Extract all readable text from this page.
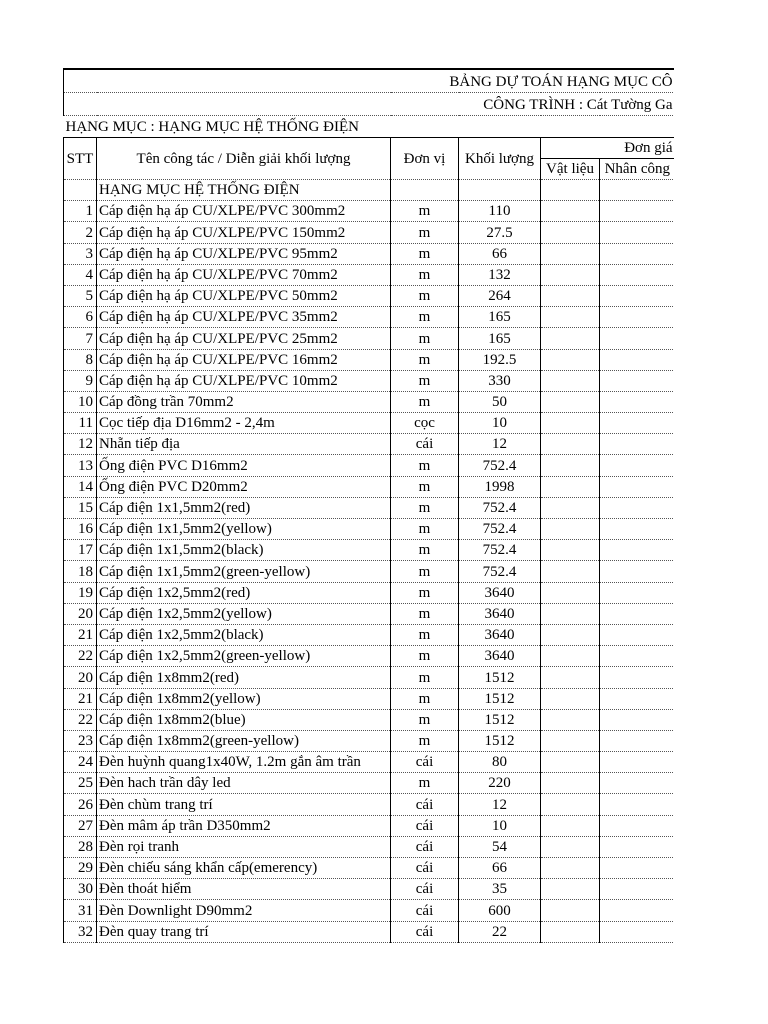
BẢNG DỰ TOÁN HẠNG MỤC CÔ					
CÔNG TRÌNH : Cát Tường Ga					
HẠNG MỤC : HẠNG MỤC HỆ THỐNG ĐIỆN					
STT	Tên công tác / Diễn giải khối lượng	Đơn vị	Khối lượng	Đơn giá	
				Vật liệu	Nhân công
	HẠNG MỤC HỆ THỐNG ĐIỆN				
1	Cáp điện hạ áp CU/XLPE/PVC 300mm2	m	110		
2	Cáp điện hạ áp CU/XLPE/PVC 150mm2	m	27.5		
3	Cáp điện hạ áp CU/XLPE/PVC 95mm2	m	66		
4	Cáp điện hạ áp CU/XLPE/PVC 70mm2	m	132		
5	Cáp điện hạ áp CU/XLPE/PVC 50mm2	m	264		
6	Cáp điện hạ áp CU/XLPE/PVC 35mm2	m	165		
7	Cáp điện hạ áp CU/XLPE/PVC 25mm2	m	165		
8	Cáp điện hạ áp CU/XLPE/PVC 16mm2	m	192.5		
9	Cáp điện hạ áp CU/XLPE/PVC 10mm2	m	330		
10	Cáp đồng trần 70mm2	m	50		
11	Cọc tiếp địa D16mm2 - 2,4m	cọc	10		
12	Nhẵn tiếp địa	cái	12		
13	Ống điện PVC D16mm2	m	752.4		
14	Ống điện PVC D20mm2	m	1998		
15	Cáp điện 1x1,5mm2(red)	m	752.4		
16	Cáp điện 1x1,5mm2(yellow)	m	752.4		
17	Cáp điện 1x1,5mm2(black)	m	752.4		
18	Cáp điện 1x1,5mm2(green-yellow)	m	752.4		
19	Cáp điện 1x2,5mm2(red)	m	3640		
20	Cáp điện 1x2,5mm2(yellow)	m	3640		
21	Cáp điện 1x2,5mm2(black)	m	3640		
22	Cáp điện 1x2,5mm2(green-yellow)	m	3640		
20	Cáp điện 1x8mm2(red)	m	1512		
21	Cáp điện 1x8mm2(yellow)	m	1512		
22	Cáp điện 1x8mm2(blue)	m	1512		
23	Cáp điện 1x8mm2(green-yellow)	m	1512		
24	Đèn huỳnh quang1x40W, 1.2m gắn âm trần	cái	80		
25	Đèn hach trần dây led	m	220		
26	Đèn chùm trang trí	cái	12		
27	Đèn mâm áp trần D350mm2	cái	10		
28	Đèn rọi tranh	cái	54		
29	Đèn chiếu sáng khẩn cấp(emerency)	cái	66		
30	Đèn thoát hiểm	cái	35		
31	Đèn Downlight D90mm2	cái	600		
32	Đèn quay trang trí	cái	22		
